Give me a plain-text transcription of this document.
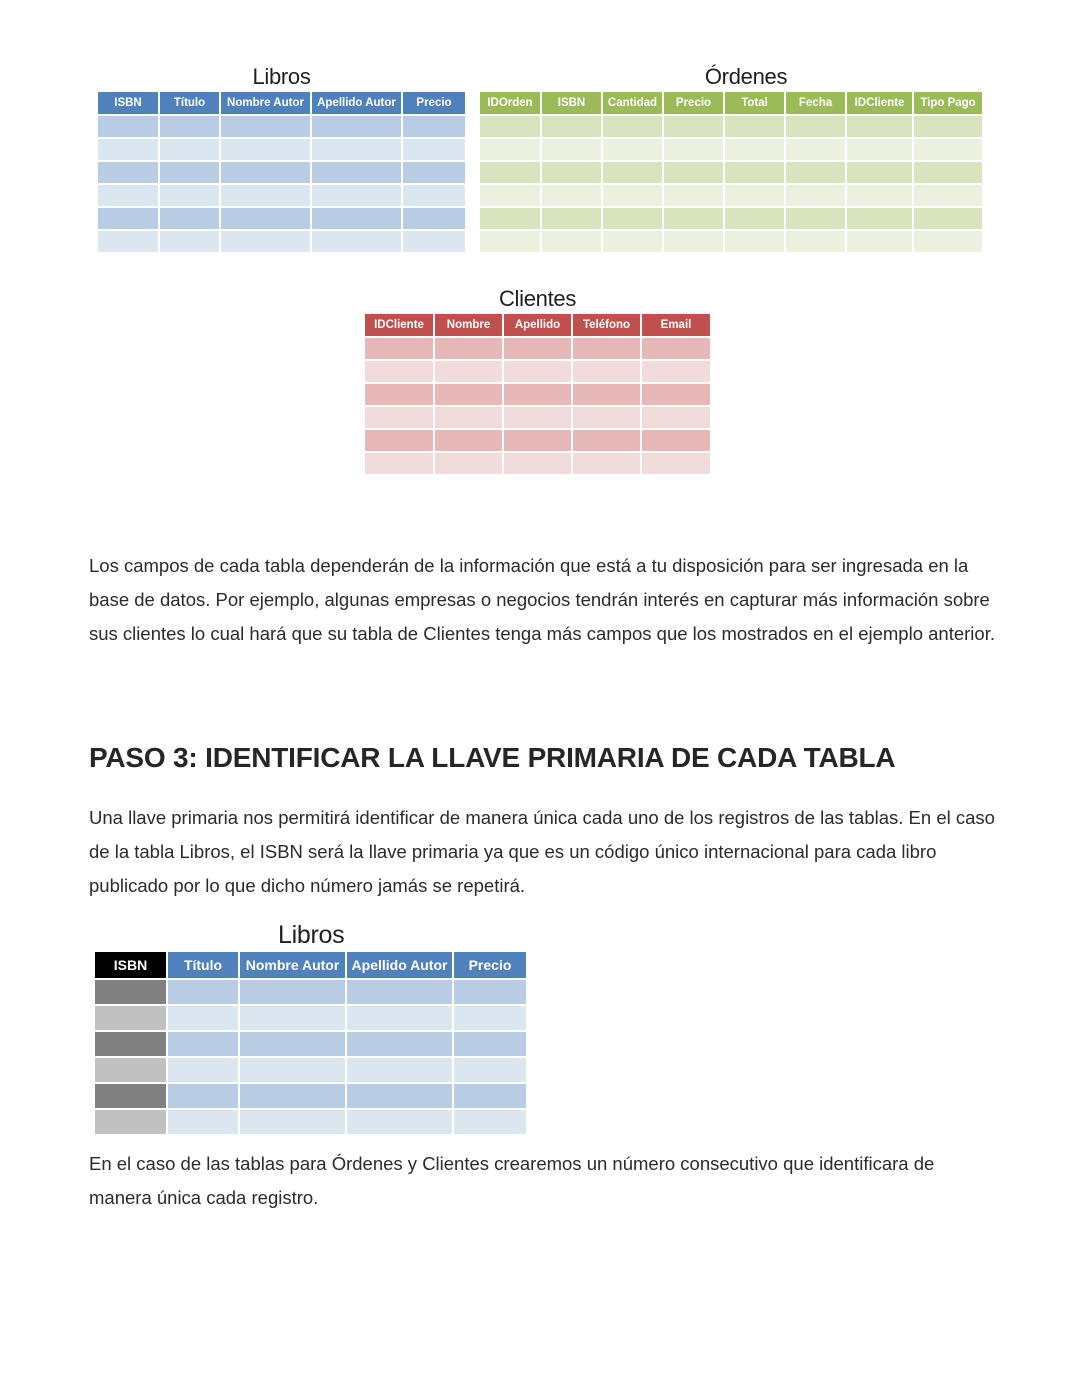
Libros
ISBN	Título	Nombre Autor	Apellido Autor	Precio

Órdenes
IDOrden	ISBN	Cantidad	Precio	Total	Fecha	IDCliente	Tipo Pago

Clientes
IDCliente	Nombre	Apellido	Teléfono	Email

Los campos de cada tabla dependerán de la información que está a tu disposición para ser ingresada en la base de datos. Por ejemplo, algunas empresas o negocios tendrán interés en capturar más información sobre sus clientes lo cual hará que su tabla de Clientes tenga más campos que los mostrados en el ejemplo anterior.

PASO 3: IDENTIFICAR LA LLAVE PRIMARIA DE CADA TABLA

Una llave primaria nos permitirá identificar de manera única cada uno de los registros de las tablas. En el caso de la tabla Libros, el ISBN será la llave primaria ya que es un código único internacional para cada libro publicado por lo que dicho número jamás se repetirá.

Libros
ISBN	Título	Nombre Autor	Apellido Autor	Precio

En el caso de las tablas para Órdenes y Clientes crearemos un número consecutivo que identificara de manera única cada registro.
